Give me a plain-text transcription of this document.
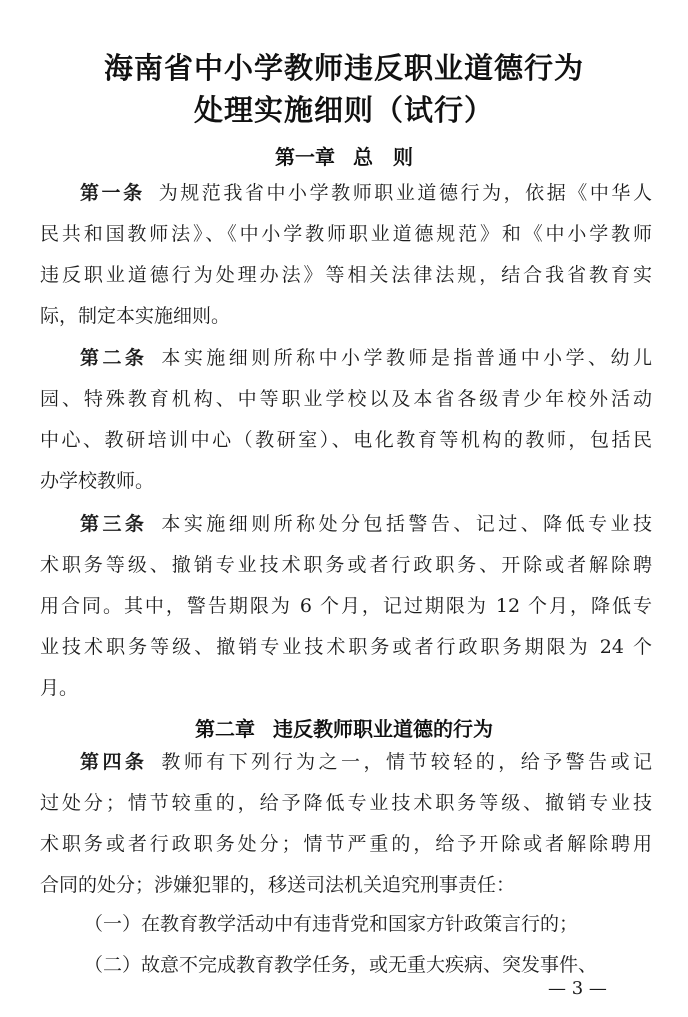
海南省中小学教师违反职业道德行为
处理实施细则（试行）
第一章 总　则
第一条 为规范我省中小学教师职业道德行为，依据《中华人
民共和国教师法》、《中小学教师职业道德规范》和《中小学教师
违反职业道德行为处理办法》等相关法律法规，结合我省教育实
际，制定本实施细则。
第二条 本实施细则所称中小学教师是指普通中小学、幼儿
园、特殊教育机构、中等职业学校以及本省各级青少年校外活动
中心、教研培训中心（教研室）、电化教育等机构的教师，包括民
办学校教师。
第三条 本实施细则所称处分包括警告、记过、降低专业技
术职务等级、撤销专业技术职务或者行政职务、开除或者解除聘
用合同。其中，警告期限为 6 个月，记过期限为 12 个月，降低专
业技术职务等级、撤销专业技术职务或者行政职务期限为 24 个
月。
第二章 违反教师职业道德的行为
第四条 教师有下列行为之一，情节较轻的，给予警告或记
过处分；情节较重的，给予降低专业技术职务等级、撤销专业技
术职务或者行政职务处分；情节严重的，给予开除或者解除聘用
合同的处分；涉嫌犯罪的，移送司法机关追究刑事责任：
（一）在教育教学活动中有违背党和国家方针政策言行的；
— 3 —
（二）故意不完成教育教学任务，或无重大疾病、突发事件、
